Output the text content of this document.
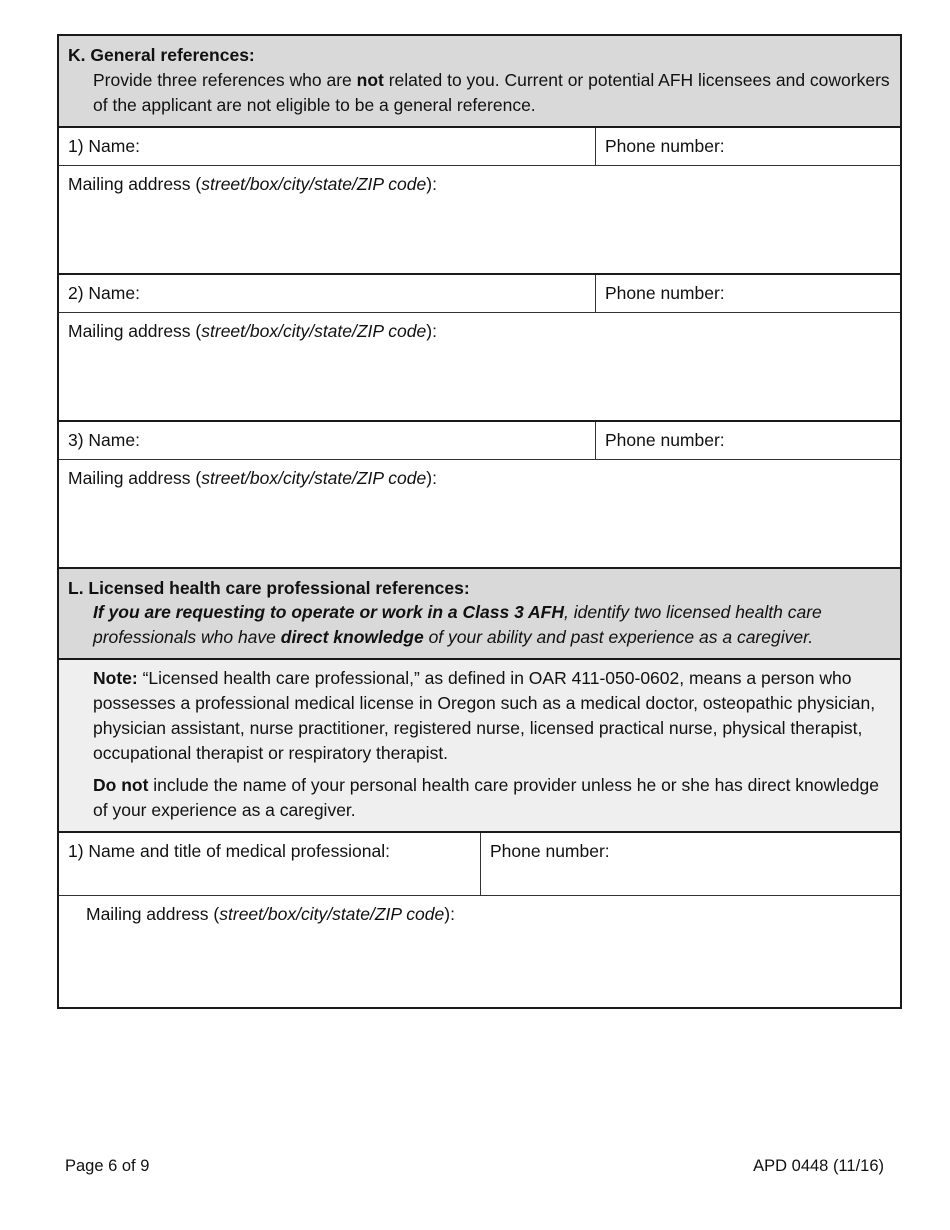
K. General references:
Provide three references who are not related to you. Current or potential AFH licensees and coworkers of the applicant are not eligible to be a general reference.
1) Name:	Phone number:
Mailing address (street/box/city/state/ZIP code):
2) Name:	Phone number:
Mailing address (street/box/city/state/ZIP code):
3) Name:	Phone number:
Mailing address (street/box/city/state/ZIP code):
L. Licensed health care professional references:
If you are requesting to operate or work in a Class 3 AFH, identify two licensed health care professionals who have direct knowledge of your ability and past experience as a caregiver.

Note: “Licensed health care professional,” as defined in OAR 411-050-0602, means a person who possesses a professional medical license in Oregon such as a medical doctor, osteopathic physician, physician assistant, nurse practitioner, registered nurse, licensed practical nurse, physical therapist, occupational therapist or respiratory therapist.

Do not include the name of your personal health care provider unless he or she has direct knowledge of your experience as a caregiver.

1) Name and title of medical professional:	Phone number:
Mailing address (street/box/city/state/ZIP code):
Page 6 of 9	APD 0448 (11/16)
